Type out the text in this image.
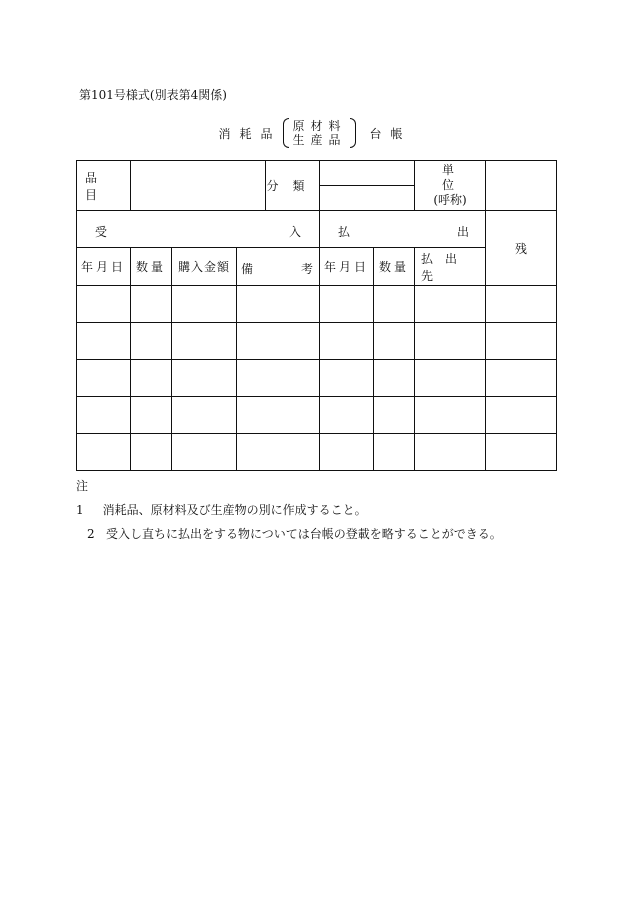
第101号様式(別表第4関係)
消耗品
原材料
生産品 台帳
品目				分類			単位
(呼称)	

受 入					払 出			残
年月日	数量	購入金額	備 考		年月日	数量	払出先	

注1 消耗品、原材料及び生産物の別に作成すること。
2 受入し直ちに払出をする物については台帳の登載を略することができる。
